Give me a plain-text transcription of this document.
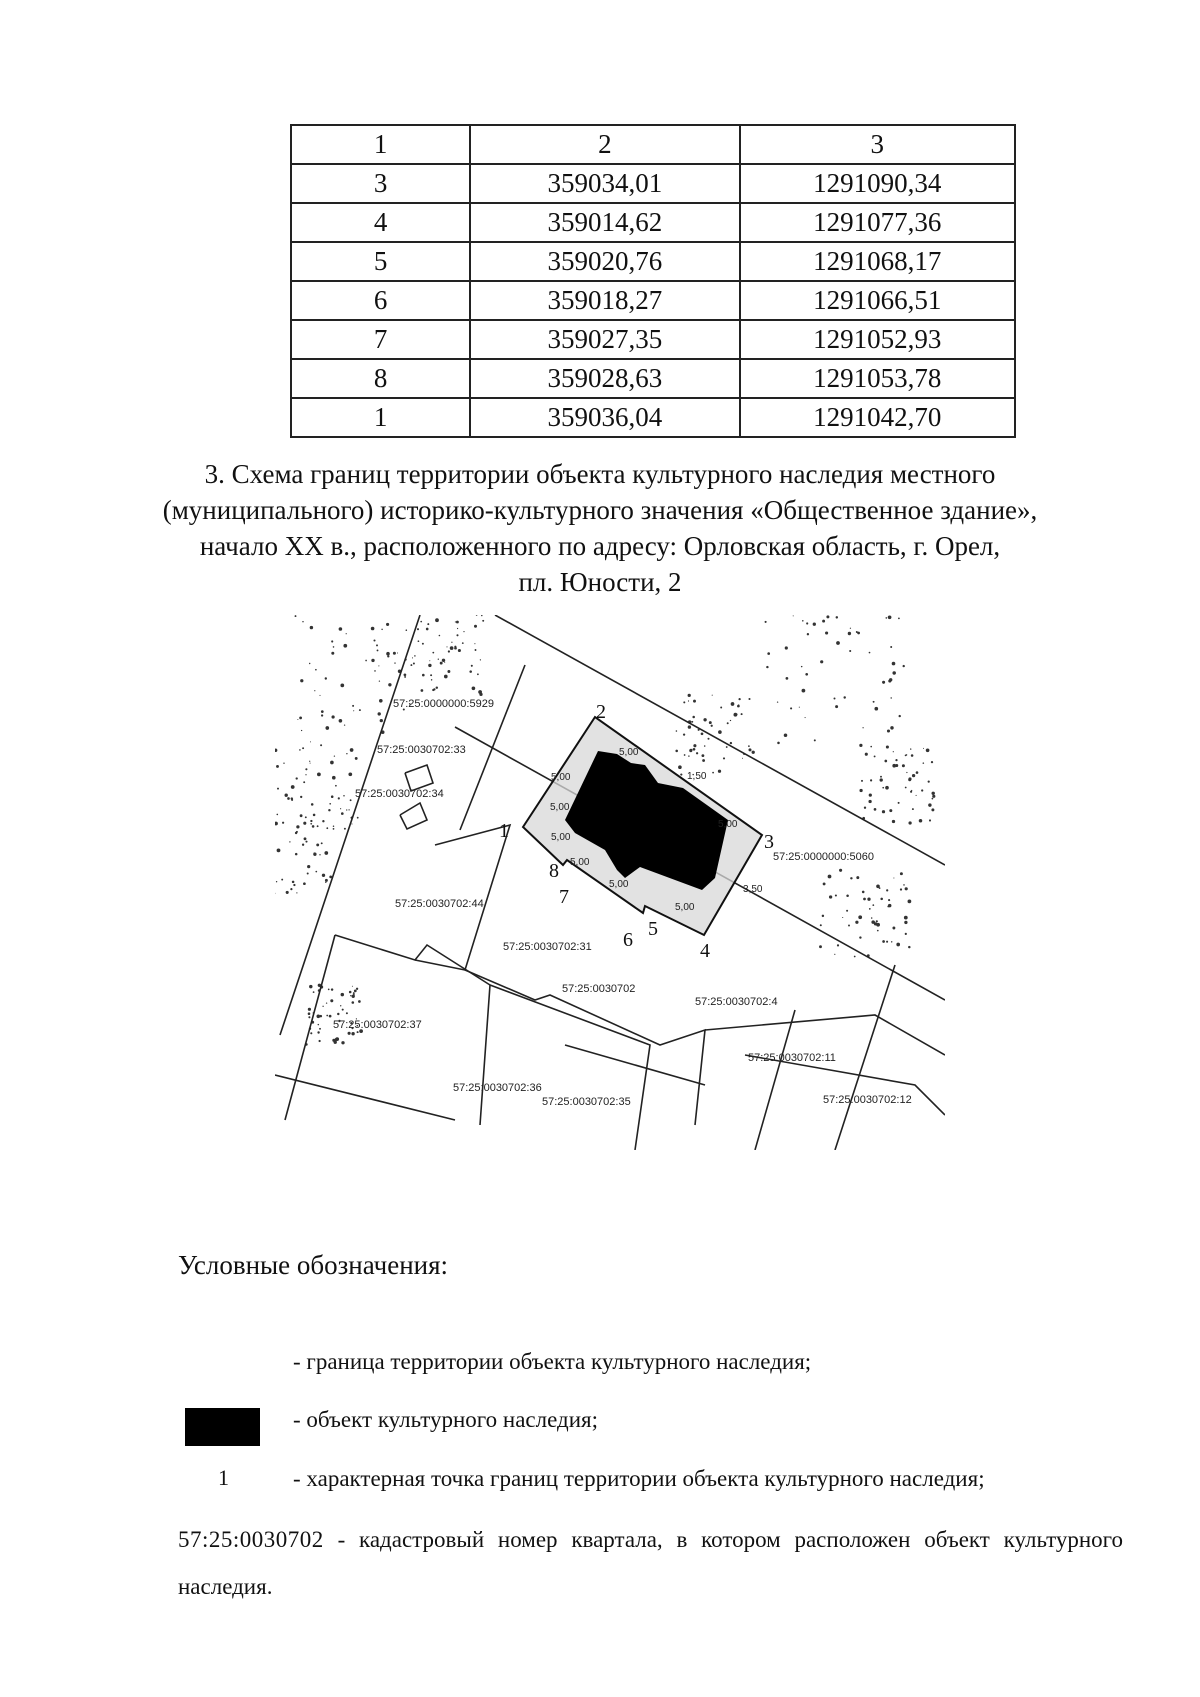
1	2	3
3	359034,01	1291090,34
4	359014,62	1291077,36
5	359020,76	1291068,17
6	359018,27	1291066,51
7	359027,35	1291052,93
8	359028,63	1291053,78
1	359036,04	1291042,70
3. Схема границ территории объекта культурного наследия местного
(муниципального) историко-культурного значения «Общественное здание»,
начало XX в., расположенного по адресу: Орловская область, г. Орел,
пл. Юности, 2
5,00
5,00
5,00
5,00
5,00
5,00
1,50
3,50
5,00
5,00
1
2
3
4
5
6
7
8
57:25:0000000:5929
57:25:0030702:33
57:25:0030702:34
57:25:0030702:44
57:25:0030702:31
57:25:0030702
57:25:0030702:4
57:25:0030702:37
57:25:0030702:11
57:25:0030702:36
57:25:0030702:35	57:25:0030702:12
57:25:0000000:5060
Условные обозначения:
- граница территории объекта культурного наследия;
- объект культурного наследия;
1	- характерная точка границ территории объекта культурного наследия;
57:25:0030702 - кадастровый номер квартала, в котором расположен объект культурного наследия.
